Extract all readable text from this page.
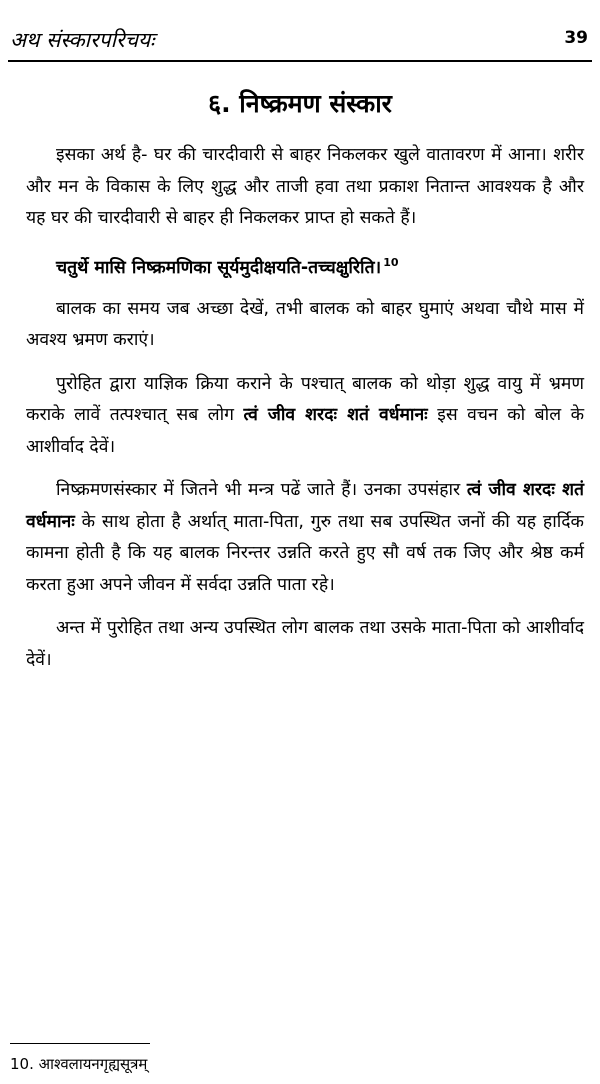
अथ संस्कारपरिचयः	39
६. निष्क्रमण संस्कार

इसका अर्थ है- घर की चारदीवारी से बाहर निकलकर खुले वातावरण में आना। शरीर और मन के विकास के लिए शुद्ध और ताजी हवा तथा प्रकाश नितान्त आवश्यक है और यह घर की चारदीवारी से बाहर ही निकलकर प्राप्त हो सकते हैं।

चतुर्थे मासि निष्क्रमणिका सूर्यमुदीक्षयति-तच्चक्षुरिति। $^{10}$

बालक का समय जब अच्छा देखें, तभी बालक को बाहर घुमाएं अथवा चौथे मास में अवश्य भ्रमण कराएं।

पुरोहित द्वारा याज्ञिक क्रिया कराने के पश्चात् बालक को थोड़ा शुद्ध वायु में भ्रमण कराके लावें तत्पश्चात् सब लोग त्वं जीव शरदः शतं वर्धमानः इस वचन को बोल के आशीर्वाद देवें।

निष्क्रमणसंस्कार में जितने भी मन्त्र पढें जाते हैं। उनका उपसंहार त्वं जीव शरदः शतं वर्धमानः के साथ होता है अर्थात् माता-पिता, गुरु तथा सब उपस्थित जनों की यह हार्दिक कामना होती है कि यह बालक निरन्तर उन्नति करते हुए सौ वर्ष तक जिए और श्रेष्ठ कर्म करता हुआ अपने जीवन में सर्वदा उन्नति पाता रहे।

अन्त में पुरोहित तथा अन्य उपस्थित लोग बालक तथा उसके माता-पिता को आशीर्वाद देवें।

10. आश्वलायनगृह्यसूत्रम्
